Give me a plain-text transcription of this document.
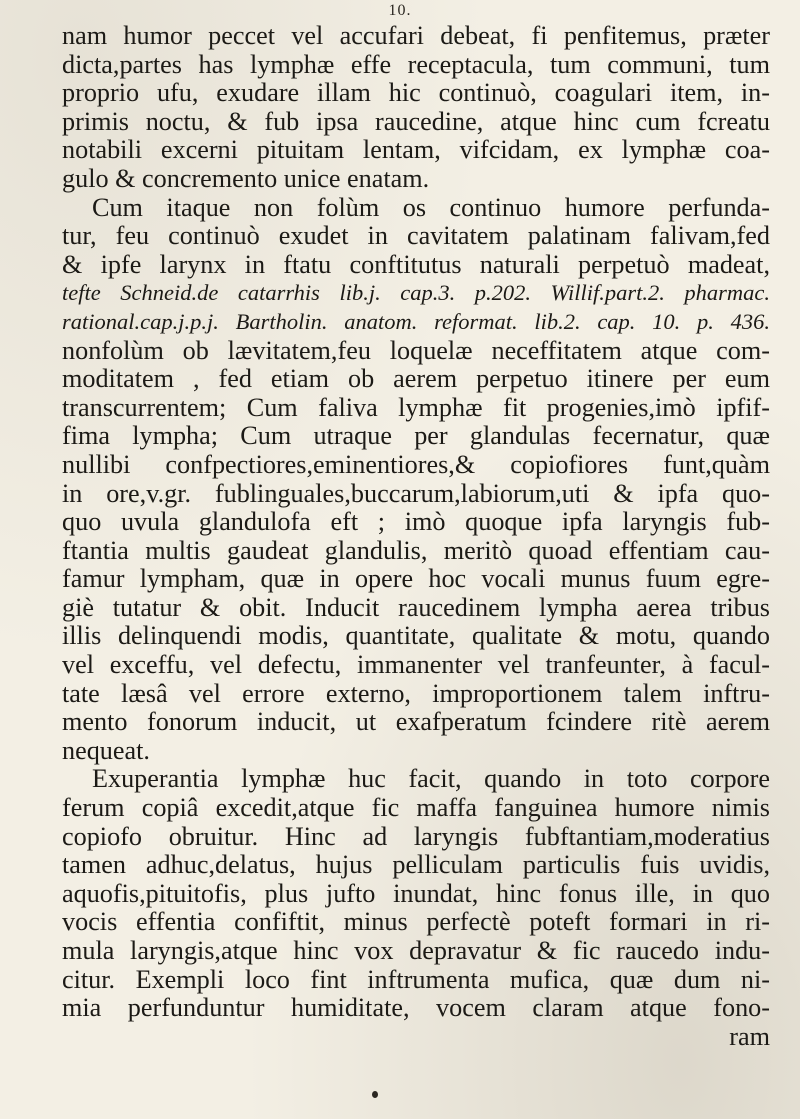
10.
nam humor peccet vel accufari debeat, fi penfitemus, præter
dicta,partes has lymphæ effe receptacula, tum communi, tum
proprio ufu, exudare illam hic continuò, coagulari item, in-
primis noctu, & fub ipsa raucedine, atque hinc cum fcreatu
notabili excerni pituitam lentam, vifcidam, ex lymphæ coa-
gulo & concremento unice enatam.
Cum itaque non folùm os continuo humore perfunda-
tur, feu continuò exudet in cavitatem palatinam falivam,fed
& ipfe larynx in ftatu conftitutus naturali perpetuò madeat,
tefte Schneid.de catarrhis lib.j. cap.3. p.202. Willif.part.2. pharmac.
rational.cap.j.p.j. Bartholin. anatom. reformat. lib.2. cap. 10. p. 436.
nonfolùm ob lævitatem,feu loquelæ neceffitatem atque com-
moditatem , fed etiam ob aerem perpetuo itinere per eum
transcurrentem; Cum faliva lymphæ fit progenies,imò ipfif-
fima lympha; Cum utraque per glandulas fecernatur, quæ
nullibi confpectiores,eminentiores,& copiofiores funt,quàm
in ore,v.gr. fublinguales,buccarum,labiorum,uti & ipfa quo-
quo uvula glandulofa eft ; imò quoque ipfa laryngis fub-
ftantia multis gaudeat glandulis, meritò quoad effentiam cau-
famur lympham, quæ in opere hoc vocali munus fuum egre-
giè tutatur & obit. Inducit raucedinem lympha aerea tribus
illis delinquendi modis, quantitate, qualitate & motu, quando
vel exceffu, vel defectu, immanenter vel tranfeunter, à facul-
tate læsâ vel errore externo, improportionem talem inftru-
mento fonorum inducit, ut exafperatum fcindere ritè aerem
nequeat.
Exuperantia lymphæ huc facit, quando in toto corpore
ferum copiâ excedit,atque fic maffa fanguinea humore nimis
copiofo obruitur. Hinc ad laryngis fubftantiam,moderatius
tamen adhuc,delatus, hujus pelliculam particulis fuis uvidis,
aquofis,pituitofis, plus jufto inundat, hinc fonus ille, in quo
vocis effentia confiftit, minus perfectè poteft formari in ri-
mula laryngis,atque hinc vox depravatur & fic raucedo indu-
citur. Exempli loco fint inftrumenta mufica, quæ dum ni-
mia perfunduntur humiditate, vocem claram atque fono-
ram
